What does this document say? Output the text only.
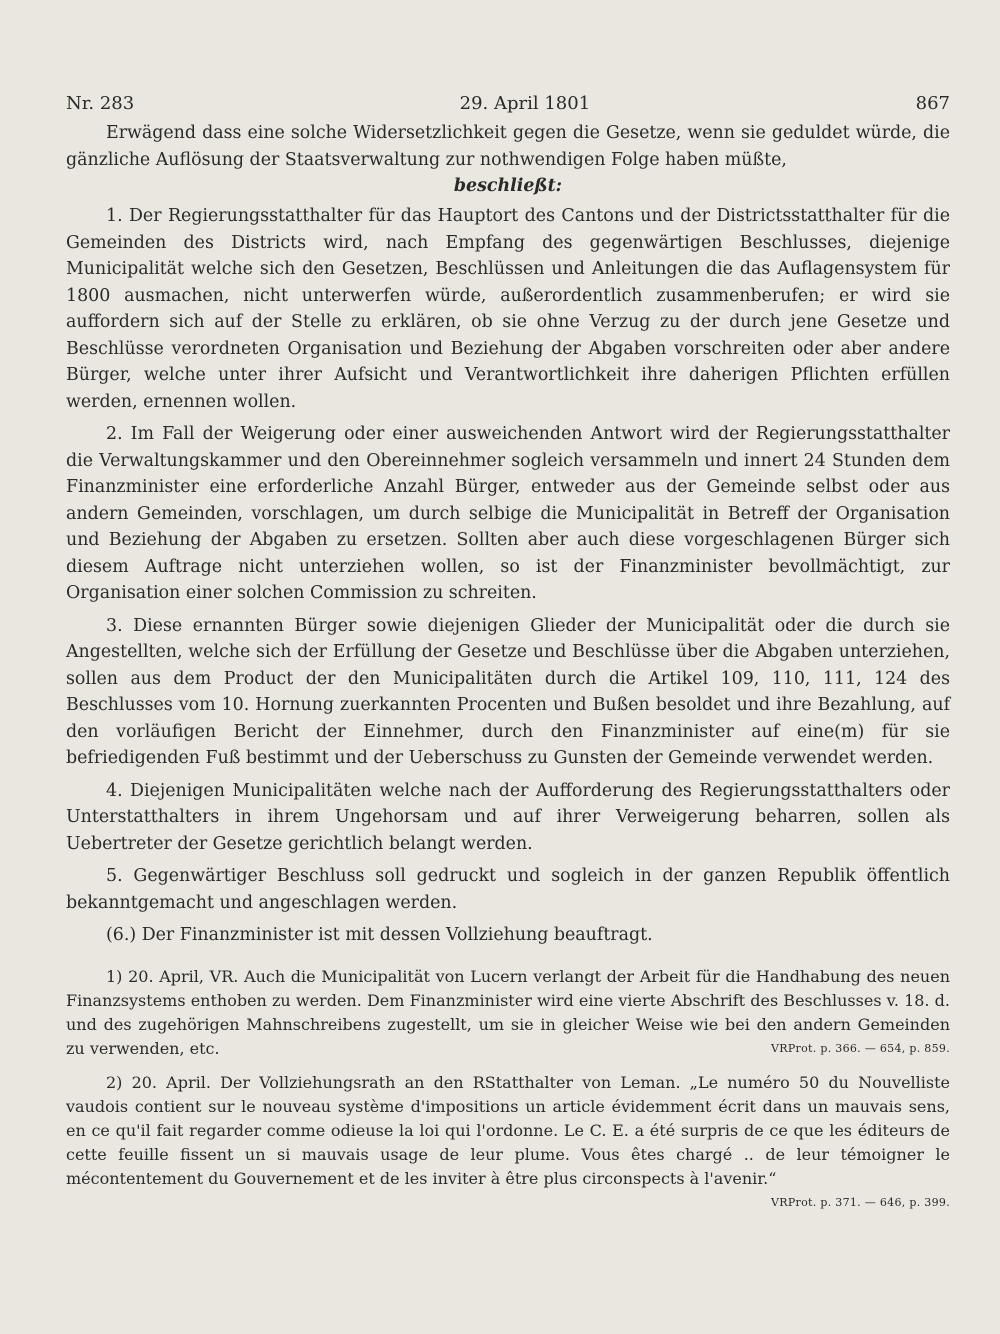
Nr. 283	29. April 1801	867

Erwägend dass eine solche Widersetzlichkeit gegen die Gesetze, wenn sie geduldet würde, die gänzliche Auflösung der Staatsverwaltung zur nothwendigen Folge haben müßte,

beschließt:

1. Der Regierungsstatthalter für das Hauptort des Cantons und der Districtsstatthalter für die Gemeinden des Districts wird, nach Empfang des gegenwärtigen Beschlusses, diejenige Municipalität welche sich den Gesetzen, Beschlüssen und Anleitungen die das Auflagensystem für 1800 ausmachen, nicht unterwerfen würde, außerordentlich zusammenberufen; er wird sie auffordern sich auf der Stelle zu erklären, ob sie ohne Verzug zu der durch jene Gesetze und Beschlüsse verordneten Organisation und Beziehung der Abgaben vorschreiten oder aber andere Bürger, welche unter ihrer Aufsicht und Verantwortlichkeit ihre daherigen Pflichten erfüllen werden, ernennen wollen.

2. Im Fall der Weigerung oder einer ausweichenden Antwort wird der Regierungsstatthalter die Verwaltungskammer und den Obereinnehmer sogleich versammeln und innert 24 Stunden dem Finanzminister eine erforderliche Anzahl Bürger, entweder aus der Gemeinde selbst oder aus andern Gemeinden, vorschlagen, um durch selbige die Municipalität in Betreff der Organisation und Beziehung der Abgaben zu ersetzen. Sollten aber auch diese vorgeschlagenen Bürger sich diesem Auftrage nicht unterziehen wollen, so ist der Finanzminister bevollmächtigt, zur Organisation einer solchen Commission zu schreiten.

3. Diese ernannten Bürger sowie diejenigen Glieder der Municipalität oder die durch sie Angestellten, welche sich der Erfüllung der Gesetze und Beschlüsse über die Abgaben unterziehen, sollen aus dem Product der den Municipalitäten durch die Artikel 109, 110, 111, 124 des Beschlusses vom 10. Hornung zuerkannten Procenten und Bußen besoldet und ihre Bezahlung, auf den vorläufigen Bericht der Einnehmer, durch den Finanzminister auf eine(m) für sie befriedigenden Fuß bestimmt und der Ueberschuss zu Gunsten der Gemeinde verwendet werden.

4. Diejenigen Municipalitäten welche nach der Aufforderung des Regierungsstatthalters oder Unterstatthalters in ihrem Ungehorsam und auf ihrer Verweigerung beharren, sollen als Uebertreter der Gesetze gerichtlich belangt werden.

5. Gegenwärtiger Beschluss soll gedruckt und sogleich in der ganzen Republik öffentlich bekanntgemacht und angeschlagen werden.

(6.) Der Finanzminister ist mit dessen Vollziehung beauftragt.

1) 20. April, VR. Auch die Municipalität von Lucern verlangt der Arbeit für die Handhabung des neuen Finanzsystems enthoben zu werden. Dem Finanzminister wird eine vierte Abschrift des Beschlusses v. 18. d. und des zugehörigen Mahnschreibens zugestellt, um sie in gleicher Weise wie bei den andern Gemeinden zu verwenden, etc.	VRProt. p. 366. — 654, p. 859.

2) 20. April. Der Vollziehungsrath an den RStatthalter von Leman. „Le numéro 50 du Nouvelliste vaudois contient sur le nouveau système d'impositions un article évidemment écrit dans un mauvais sens, en ce qu'il fait regarder comme odieuse la loi qui l'ordonne. Le C. E. a été surpris de ce que les éditeurs de cette feuille fissent un si mauvais usage de leur plume. Vous êtes chargé .. de leur témoigner le mécontentement du Gouvernement et de les inviter à être plus circonspects à l'avenir.“
VRProt. p. 371. — 646, p. 399.
